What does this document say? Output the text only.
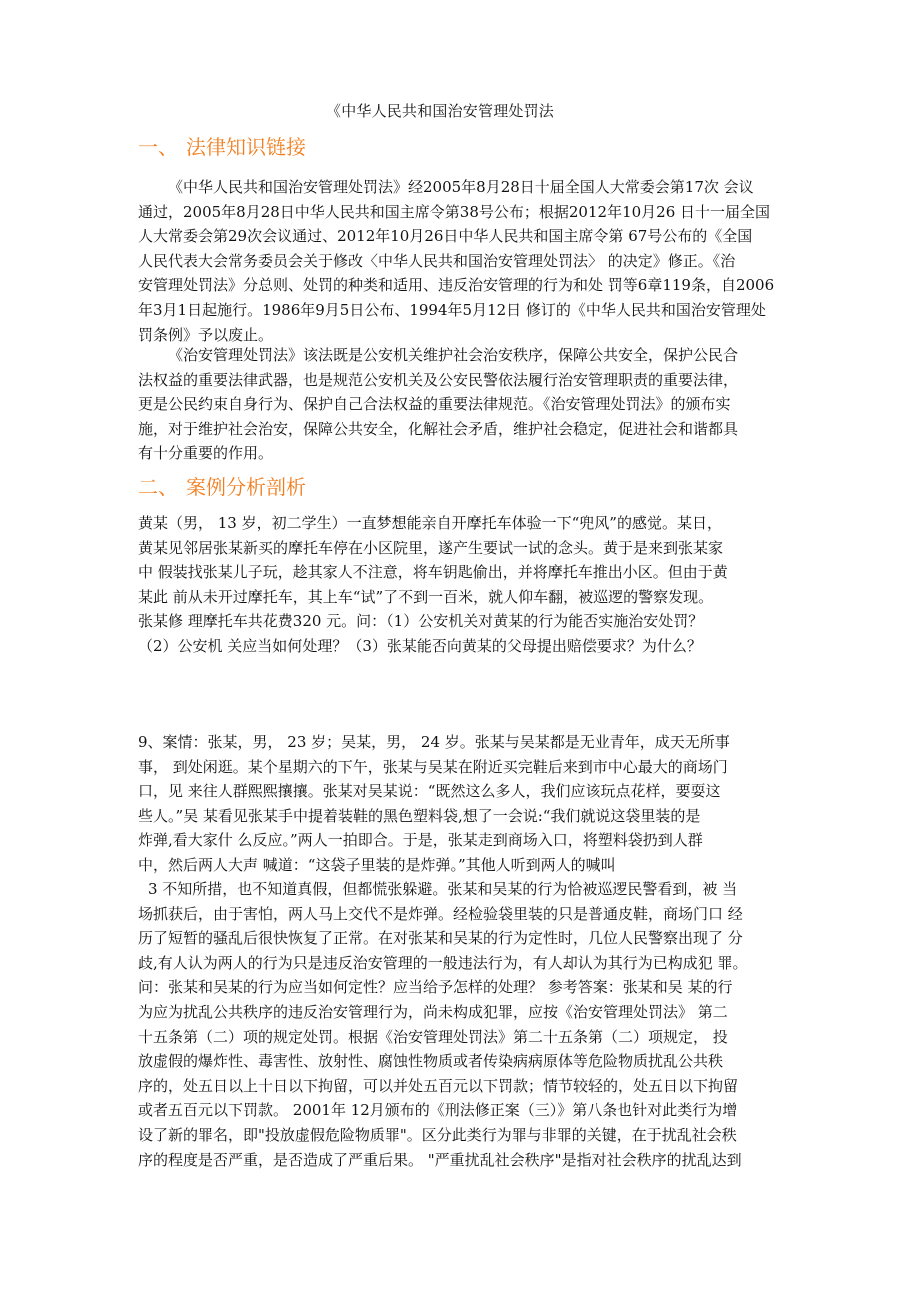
《中华人民共和国治安管理处罚法
一、 法律知识链接
《中华人民共和国治安管理处罚法》经2005年8月28日十届全国人大常委会第17次 会议
通过，2005年8月28日中华人民共和国主席令第38号公布；根据2012年10月26 日十一届全国
人大常委会第29次会议通过、2012年10月26日中华人民共和国主席令第 67号公布的《全国
人民代表大会常务委员会关于修改〈中华人民共和国治安管理处罚法〉 的决定》修正。《治
安管理处罚法》分总则、处罚的种类和适用、违反治安管理的行为和处 罚等6章119条，自2006
年3月1日起施行。1986年9月5日公布、1994年5月12日 修订的《中华人民共和国治安管理处
罚条例》予以废止。
《治安管理处罚法》该法既是公安机关维护社会治安秩序，保障公共安全，保护公民合
法权益的重要法律武器，也是规范公安机关及公安民警依法履行治安管理职责的重要法律，
更是公民约束自身行为、保护自己合法权益的重要法律规范。《治安管理处罚法》的颁布实
施，对于维护社会治安，保障公共安全，化解社会矛盾，维护社会稳定，促进社会和谐都具
有十分重要的作用。
二、 案例分析剖析
黄某（男， 13 岁，初二学生）一直梦想能亲自开摩托车体验一下“兜风”的感觉。某日，
黄某见邻居张某新买的摩托车停在小区院里，遂产生要试一试的念头。黄于是来到张某家
中 假装找张某儿子玩，趁其家人不注意，将车钥匙偷出，并将摩托车推出小区。但由于黄
某此 前从未开过摩托车，其上车“试”了不到一百米，就人仰车翻，被巡逻的警察发现。
张某修 理摩托车共花费320 元。问：（1）公安机关对黄某的行为能否实施治安处罚？
（2）公安机 关应当如何处理？（3）张某能否向黄某的父母提出赔偿要求？为什么？
9、案情：张某，男， 23 岁；吴某，男， 24 岁。张某与吴某都是无业青年，成天无所事
事， 到处闲逛。某个星期六的下午，张某与吴某在附近买完鞋后来到市中心最大的商场门
口，见 来往人群熙熙攘攘。张某对吴某说：“既然这么多人，我们应该玩点花样，要耍这
些人。”吴 某看见张某手中提着装鞋的黑色塑料袋,想了一会说:“我们就说这袋里装的是
炸弹,看大家什 么反应。”两人一拍即合。于是，张某走到商场入口，将塑料袋扔到人群
中，然后两人大声 喊道：“这袋子里装的是炸弹。”其他人听到两人的喊叫
3 不知所措，也不知道真假，但都慌张躲避。张某和吴某的行为恰被巡逻民警看到，被 当
场抓获后，由于害怕，两人马上交代不是炸弹。经检验袋里装的只是普通皮鞋，商场门口 经
历了短暂的骚乱后很快恢复了正常。在对张某和吴某的行为定性时，几位人民警察出现了 分
歧,有人认为两人的行为只是违反治安管理的一般违法行为，有人却认为其行为已构成犯 罪。
问：张某和吴某的行为应当如何定性？应当给予怎样的处理？ 参考答案：张某和吴 某的行
为应为扰乱公共秩序的违反治安管理行为，尚未构成犯罪，应按《治安管理处罚法》 第二
十五条第（二）项的规定处罚。根据《治安管理处罚法》第二十五条第（二）项规定， 投
放虚假的爆炸性、毒害性、放射性、腐蚀性物质或者传染病病原体等危险物质扰乱公共秩
序的，处五日以上十日以下拘留，可以并处五百元以下罚款；情节较轻的，处五日以下拘留
或者五百元以下罚款。 2001年 12月颁布的《刑法修正案（三）》第八条也针对此类行为增
设了新的罪名，即"投放虚假危险物质罪"。区分此类行为罪与非罪的关键，在于扰乱社会秩
序的程度是否严重，是否造成了严重后果。 "严重扰乱社会秩序"是指对社会秩序的扰乱达到
